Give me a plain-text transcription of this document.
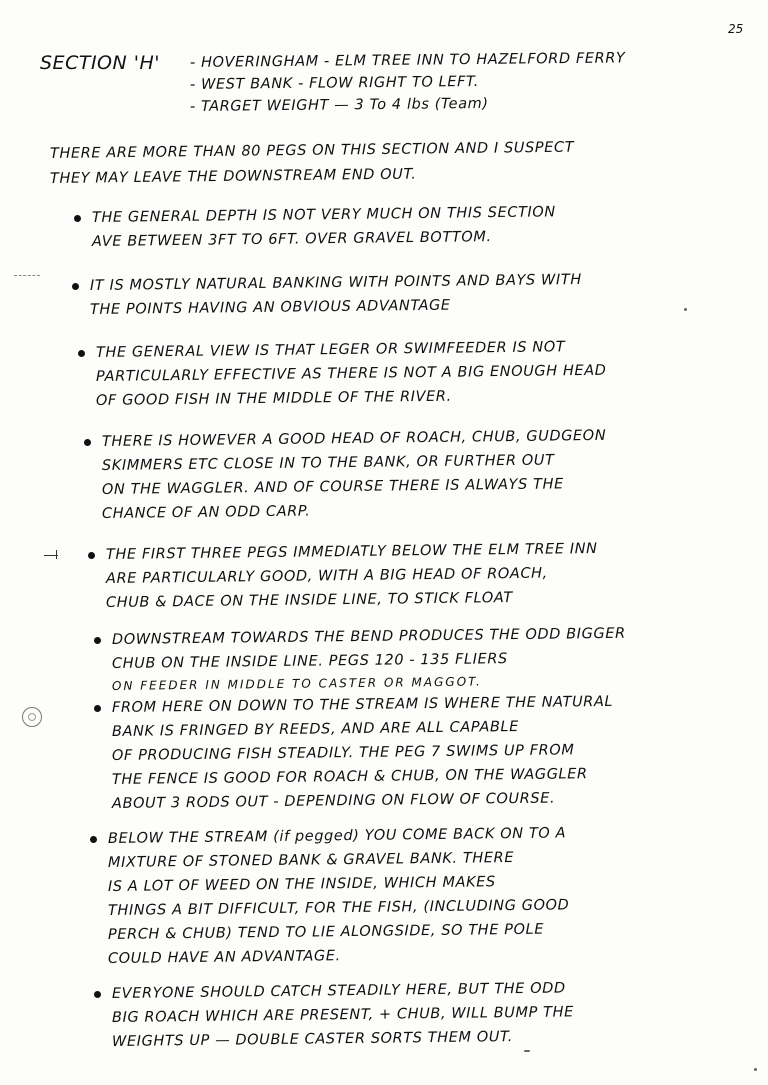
25
SECTION 'H' - HOVERINGHAM - ELM TREE INN TO HAZELFORD FERRY
- WEST BANK - FLOW RIGHT TO LEFT.
- TARGET WEIGHT — 3 To 4 lbs (Team)
THERE ARE MORE THAN 80 PEGS ON THIS SECTION AND I SUSPECT
THEY MAY LEAVE THE DOWNSTREAM END OUT.
THE GENERAL DEPTH IS NOT VERY MUCH ON THIS SECTION
AVE BETWEEN 3FT TO 6FT. OVER GRAVEL BOTTOM.
IT IS MOSTLY NATURAL BANKING WITH POINTS AND BAYS WITH
THE POINTS HAVING AN OBVIOUS ADVANTAGE
THE GENERAL VIEW IS THAT LEGER OR SWIMFEEDER IS NOT
PARTICULARLY EFFECTIVE AS THERE IS NOT A BIG ENOUGH HEAD
OF GOOD FISH IN THE MIDDLE OF THE RIVER.
THERE IS HOWEVER A GOOD HEAD OF ROACH, CHUB, GUDGEON
SKIMMERS ETC CLOSE IN TO THE BANK, OR FURTHER OUT
ON THE WAGGLER. AND OF COURSE THERE IS ALWAYS THE
CHANCE OF AN ODD CARP.
THE FIRST THREE PEGS IMMEDIATLY BELOW THE ELM TREE INN
ARE PARTICULARLY GOOD, WITH A BIG HEAD OF ROACH,
CHUB & DACE ON THE INSIDE LINE, TO STICK FLOAT
DOWNSTREAM TOWARDS THE BEND PRODUCES THE ODD BIGGER
CHUB ON THE INSIDE LINE. PEGS 120 - 135 FLIERS
ON FEEDER IN MIDDLE TO CASTER OR MAGGOT.
FROM HERE ON DOWN TO THE STREAM IS WHERE THE NATURAL
BANK IS FRINGED BY REEDS, AND ARE ALL CAPABLE
OF PRODUCING FISH STEADILY. THE PEG 7 SWIMS UP FROM
THE FENCE IS GOOD FOR ROACH & CHUB, ON THE WAGGLER
ABOUT 3 RODS OUT - DEPENDING ON FLOW OF COURSE.
BELOW THE STREAM (if pegged) YOU COME BACK ON TO A
MIXTURE OF STONED BANK & GRAVEL BANK. THERE
IS A LOT OF WEED ON THE INSIDE, WHICH MAKES
THINGS A BIT DIFFICULT, FOR THE FISH, (INCLUDING GOOD
PERCH & CHUB) TEND TO LIE ALONGSIDE, SO THE POLE
COULD HAVE AN ADVANTAGE.
EVERYONE SHOULD CATCH STEADILY HERE, BUT THE ODD
BIG ROACH WHICH ARE PRESENT, + CHUB, WILL BUMP THE
WEIGHTS UP — DOUBLE CASTER SORTS THEM OUT.
